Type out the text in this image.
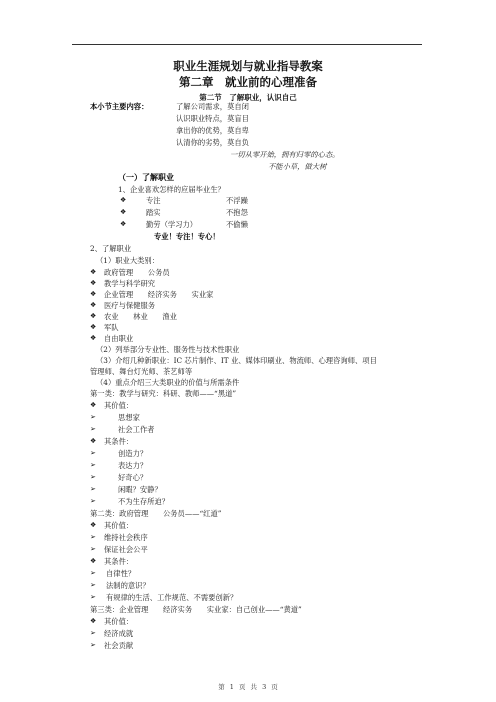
职业生涯规划与就业指导教案
第二章　就业前的心理准备
第二节　了解职业，认识自己
本小节主要内容：	了解公司需求，莫自闭
认识职业特点，莫盲目
拿出你的优势，莫自卑
认清你的劣势，莫自负
一切从零开始，拥有归零的心态。
不能小草，做大树
（一）了解职业
1、企业喜欢怎样的应届毕业生？
❖	专注	不浮躁
❖	踏实	不抱怨
❖	勤劳（学习力）	不偷懒
专业！专注！专心！
2、了解职业
（1）职业大类别：
❖ 政府管理　　公务员
❖ 教学与科学研究
❖ 企业管理　　经济实务　　实业家
❖ 医疗与保健服务
❖ 农业　　林业　　渔业
❖ 军队
❖ 自由职业
（2）列举部分专业性、服务性与技术性职业
（3）介绍几种新职业：IC 芯片制作、IT 业、媒体印刷业、物流师、心理咨询师、项目
管理师、舞台灯光师、茶艺师等
（4）重点介绍三大类职业的价值与所需条件
第一类：教学与研究：科研、教师——“黑道”
❖ 其价值：
➢	思想家
➢	社会工作者
❖ 其条件：
➢	创造力？
➢	表达力？
➢	好奇心？
➢	闲暇？安静？
➢	不为生存所迫？
第二类：政府管理　　公务员——“红道”
❖ 其价值：
➢ 维持社会秩序
➢ 保证社会公平
❖ 其条件：
➢ 自律性？
➢ 法制的意识？
➢ 有规律的生活、工作规范、不需要创新？
第三类：企业管理　　经济实务　　实业家：自己创业——“黄道”
❖ 其价值：
➢ 经济成就
➢ 社会贡献
第 1 页 共 3 页
